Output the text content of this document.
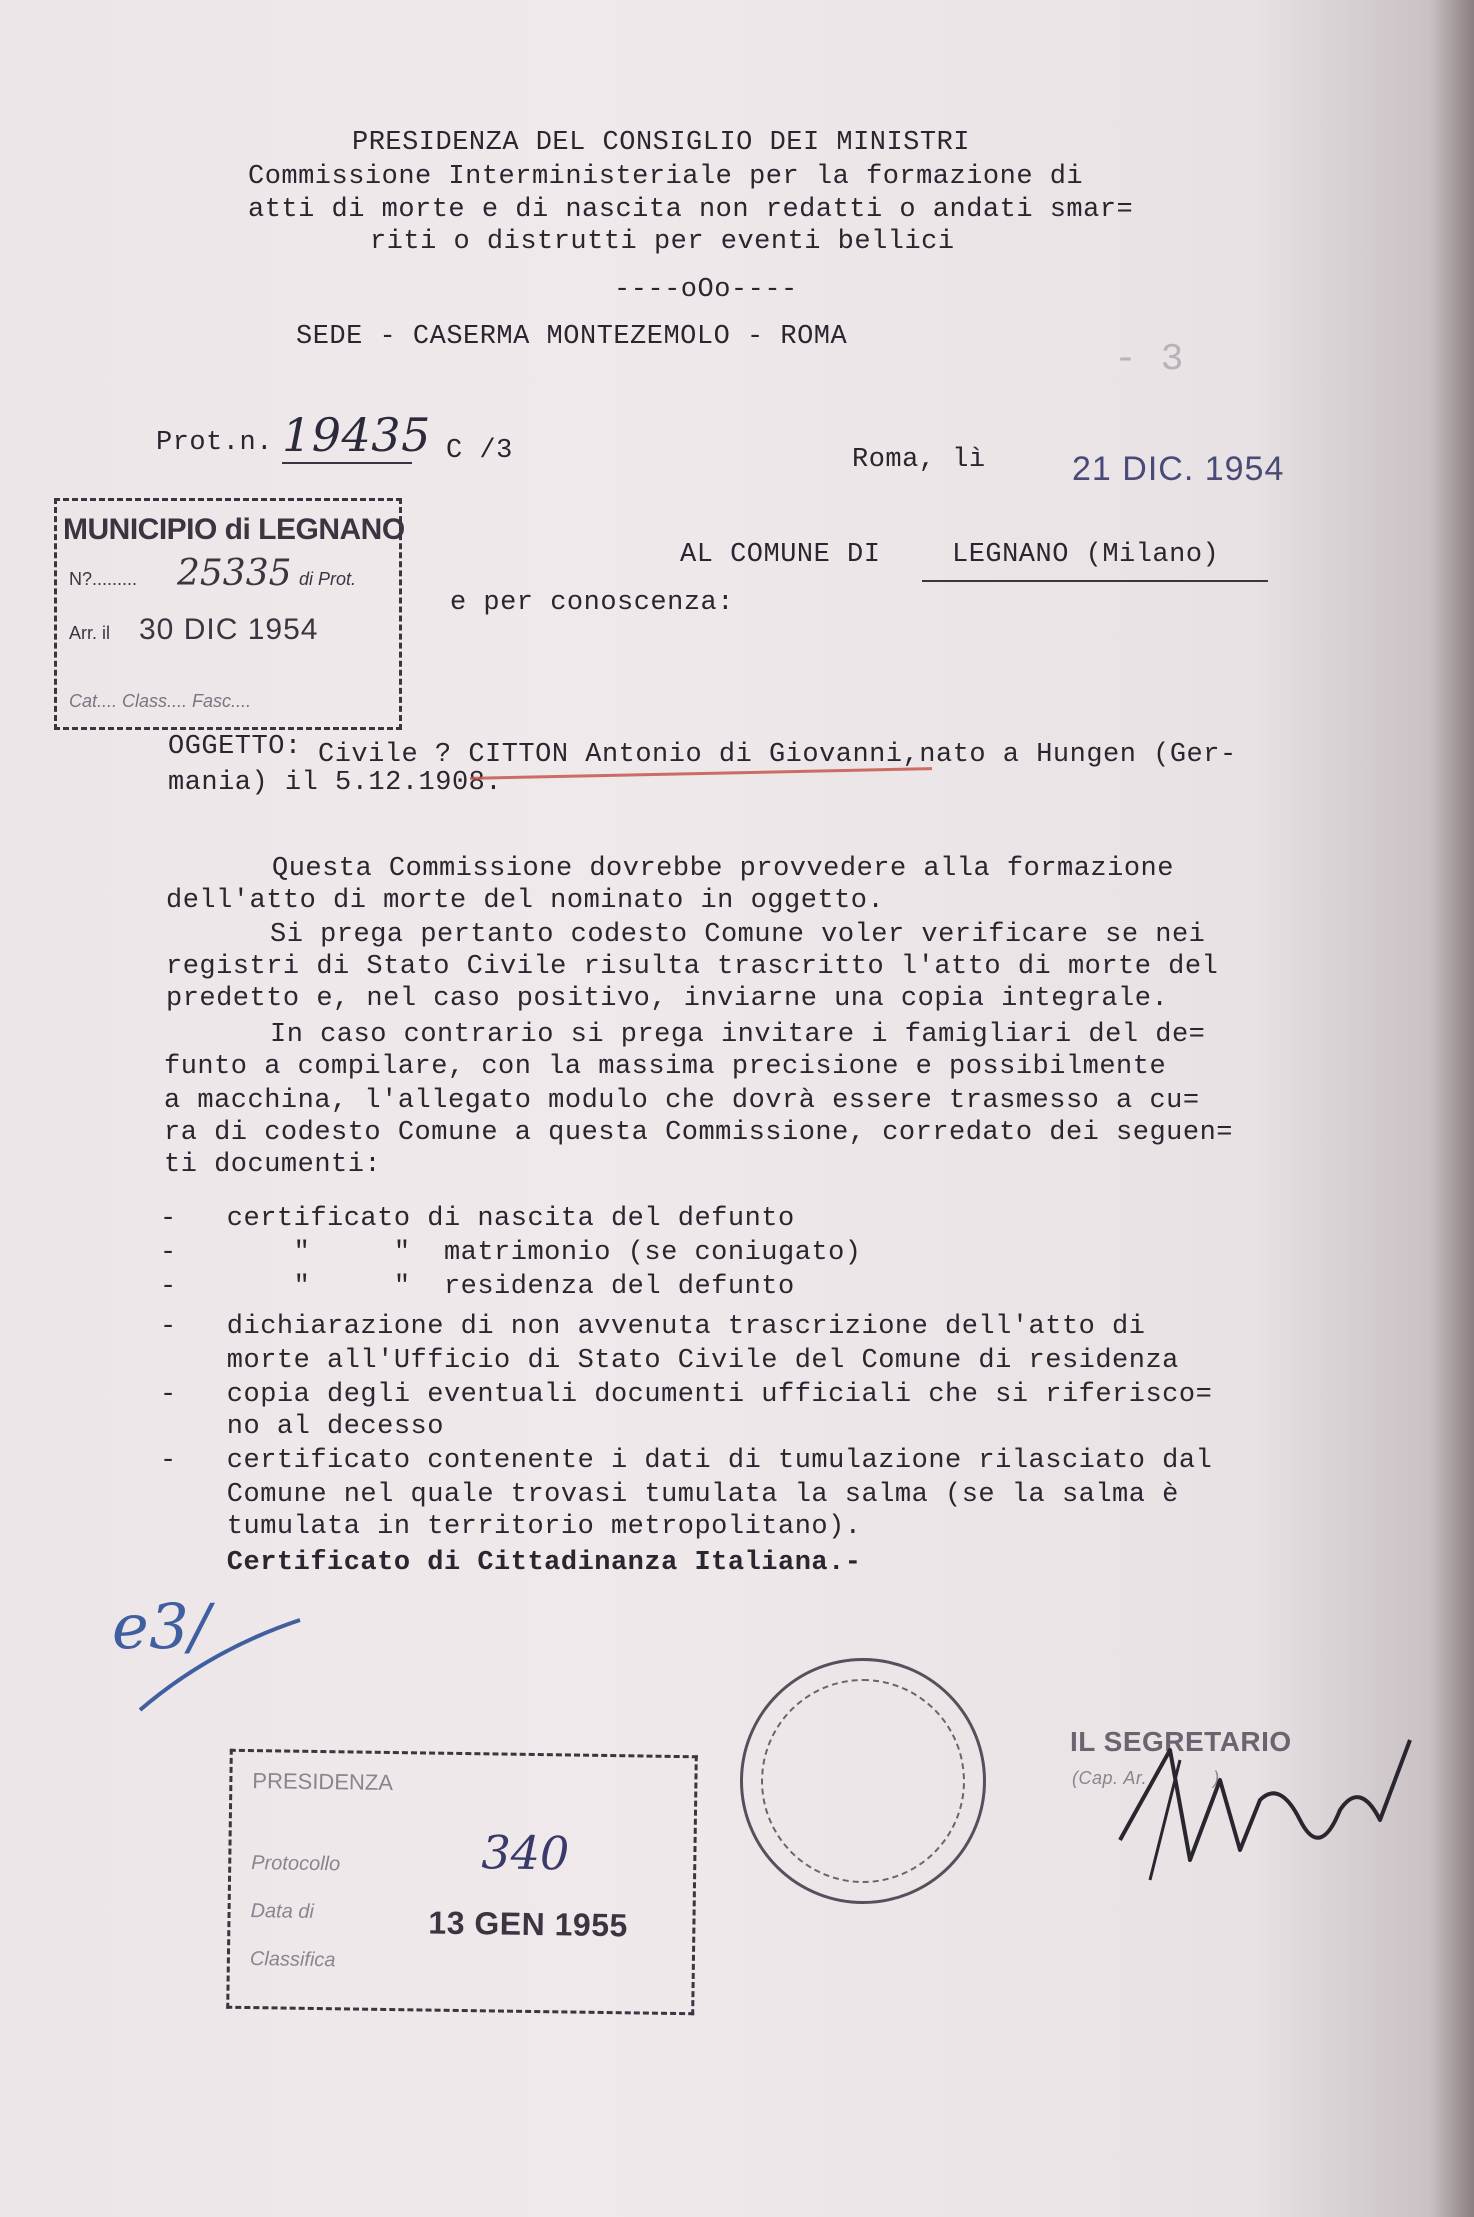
PRESIDENZA DEL CONSIGLIO DEI MINISTRI
Commissione Interministeriale per la formazione di
atti di morte e di nascita non redatti o andati smar=
riti o distrutti per eventi bellici
----oOo----
SEDE - CASERMA MONTEZEMOLO - ROMA
Prot.n. 19435 C /3
- 3
Roma, lì	21 DIC. 1954
MUNICIPIO di LEGNANO
N?......... 25335 di Prot.
Arr. il 30 DIC 1954
Cat.... Class.... Fasc....
AL COMUNE DI	LEGNANO (Milano)
e per conoscenza:
OGGETTO: Civile ? CITTON Antonio di Giovanni,nato a Hungen (Ger-
mania) il 5.12.1908.
Questa Commissione dovrebbe provvedere alla formazione
dell'atto di morte del nominato in oggetto.
Si prega pertanto codesto Comune voler verificare se nei
registri di Stato Civile risulta trascritto l'atto di morte del
predetto e, nel caso positivo, inviarne una copia integrale.
In caso contrario si prega invitare i famigliari del de=
funto a compilare, con la massima precisione e possibilmente
a macchina, l'allegato modulo che dovrà essere trasmesso a cu=
ra di codesto Comune a questa Commissione, corredato dei seguen=
ti documenti:
-   certificato di nascita del defunto
-       "     "  matrimonio (se coniugato)
-       "     "  residenza del defunto
-   dichiarazione di non avvenuta trascrizione dell'atto di
morte all'Ufficio di Stato Civile del Comune di residenza
-   copia degli eventuali documenti ufficiali che si riferisco=
no al decesso
-   certificato contenente i dati di tumulazione rilasciato dal
Comune nel quale trovasi tumulata la salma (se la salma è
tumulata in territorio metropolitano).
Certificato di Cittadinanza Italiana.-
e3/
PRESIDENZA
Protocollo
Data di
Classifica
340
13 GEN 1955
IL SEGRETARIO
(Cap. Ar.            )
